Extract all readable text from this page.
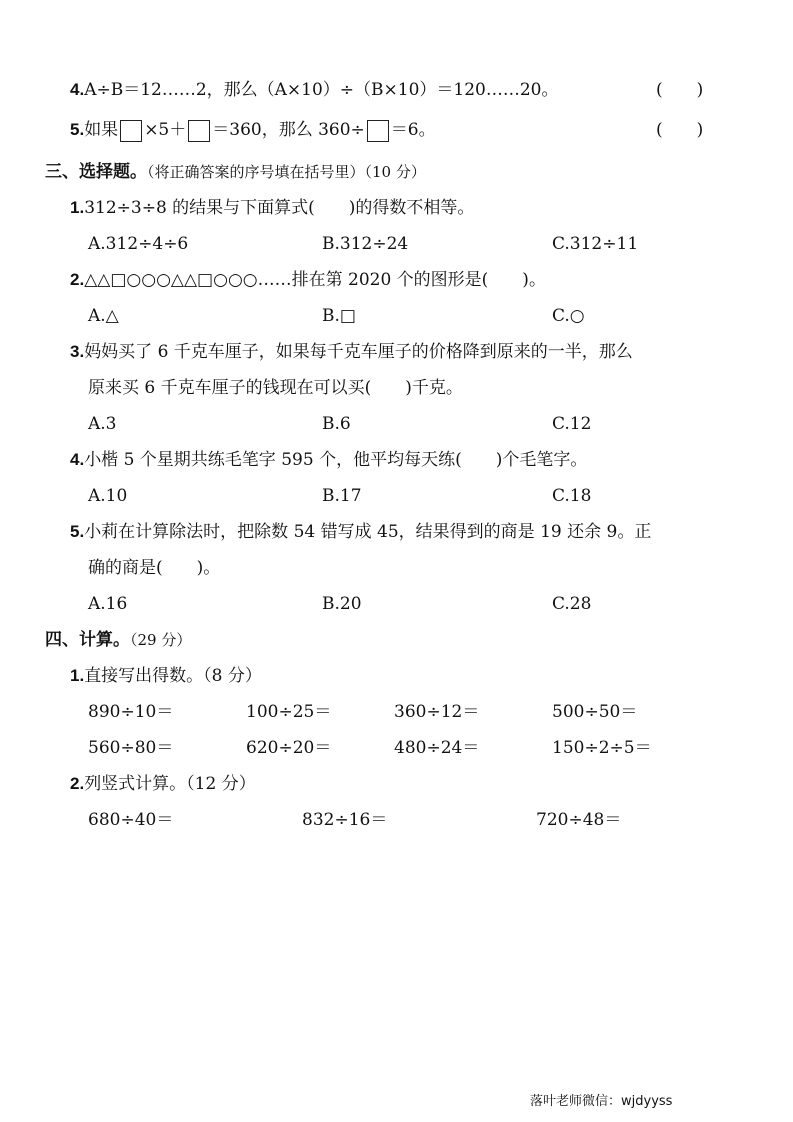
4.A÷B＝12……2，那么（A×10）÷（B×10）＝120……20。	(　　)
5.如果 ×5＋ ＝360，那么 360÷ ＝6。	(　　)
三、选择题。（将正确答案的序号填在括号里）（10 分）
1.312÷3÷8 的结果与下面算式(　　)的得数不相等。
A.312÷4÷6	B.312÷24	C.312÷11
2.△△□○○○△△□○○○……排在第 2020 个的图形是(　　)。
A.△	B.□	C.○
3.妈妈买了 6 千克车厘子，如果每千克车厘子的价格降到原来的一半，那么
原来买 6 千克车厘子的钱现在可以买(　　)千克。
A.3	B.6	C.12
4.小楷 5 个星期共练毛笔字 595 个，他平均每天练(　　)个毛笔字。
A.10	B.17	C.18
5.小莉在计算除法时，把除数 54 错写成 45，结果得到的商是 19 还余 9。正
确的商是(　　)。
A.16	B.20	C.28
四、计算。（29 分）
1.直接写出得数。（8 分）
890÷10＝	100÷25＝	360÷12＝	500÷50＝
560÷80＝	620÷20＝	480÷24＝	150÷2÷5＝
2.列竖式计算。（12 分）
680÷40＝	832÷16＝	720÷48＝
落叶老师微信：wjdyyss
